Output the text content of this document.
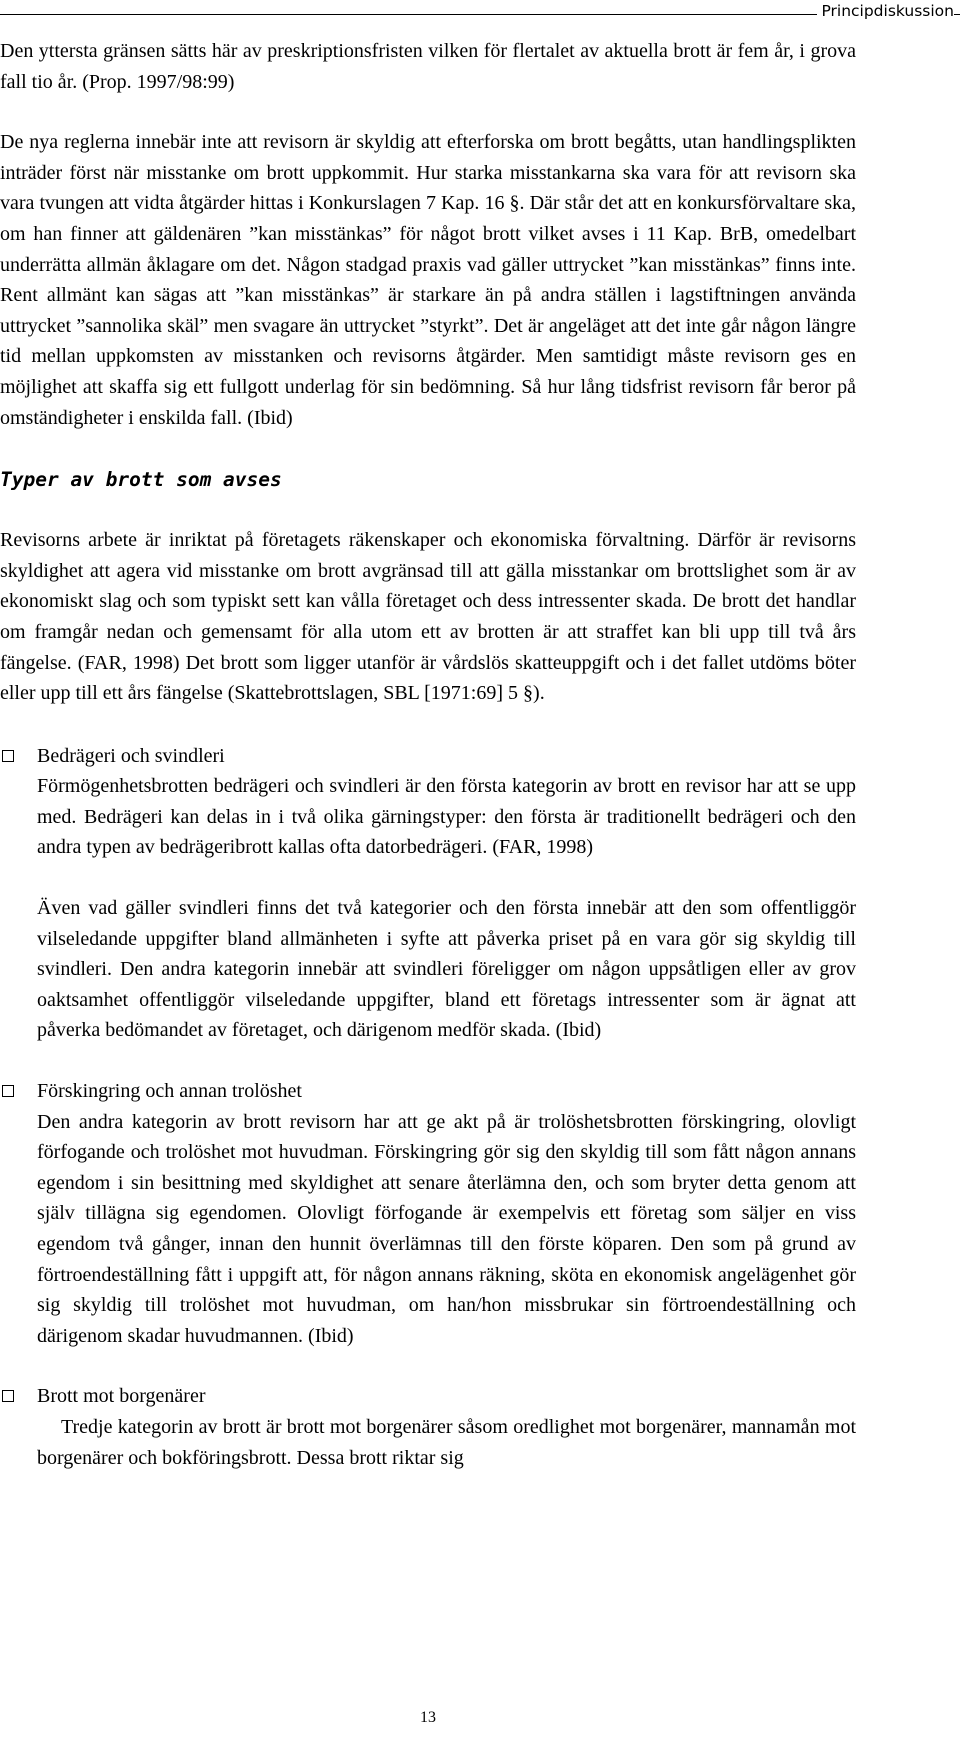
Principdiskussion

Den yttersta gränsen sätts här av preskriptionsfristen vilken för flertalet av aktuella brott är fem år, i grova fall tio år. (Prop. 1997/98:99)

De nya reglerna innebär inte att revisorn är skyldig att efterforska om brott begåtts, utan handlingsplikten inträder först när misstanke om brott uppkommit. Hur starka misstankarna ska vara för att revisorn ska vara tvungen att vidta åtgärder hittas i Konkurslagen 7 Kap. 16 §. Där står det att en konkursförvaltare ska, om han finner att gäldenären ”kan misstänkas” för något brott vilket avses i 11 Kap. BrB, omedelbart underrätta allmän åklagare om det. Någon stadgad praxis vad gäller uttrycket ”kan misstänkas” finns inte. Rent allmänt kan sägas att ”kan misstänkas” är starkare än på andra ställen i lagstiftningen använda uttrycket ”sannolika skäl” men svagare än uttrycket ”styrkt”. Det är angeläget att det inte går någon längre tid mellan uppkomsten av misstanken och revisorns åtgärder. Men samtidigt måste revisorn ges en möjlighet att skaffa sig ett fullgott underlag för sin bedömning. Så hur lång tidsfrist revisorn får beror på omständigheter i enskilda fall. (Ibid)

Typer av brott som avses

Revisorns arbete är inriktat på företagets räkenskaper och ekonomiska förvaltning. Därför är revisorns skyldighet att agera vid misstanke om brott avgränsad till att gälla misstankar om brottslighet som är av ekonomiskt slag och som typiskt sett kan vålla företaget och dess intressenter skada. De brott det handlar om framgår nedan och gemensamt för alla utom ett av brotten är att straffet kan bli upp till två års fängelse. (FAR, 1998) Det brott som ligger utanför är vårdslös skatteuppgift och i det fallet utdöms böter eller upp till ett års fängelse (Skattebrottslagen, SBL [1971:69] 5 §).

Bedrägeri och svindleri

Förmögenhetsbrotten bedrägeri och svindleri är den första kategorin av brott en revisor har att se upp med. Bedrägeri kan delas in i två olika gärningstyper: den första är traditionellt bedrägeri och den andra typen av bedrägeribrott kallas ofta datorbedrägeri. (FAR, 1998)

Även vad gäller svindleri finns det två kategorier och den första innebär att den som offentliggör vilseledande uppgifter bland allmänheten i syfte att påverka priset på en vara gör sig skyldig till svindleri. Den andra kategorin innebär att svindleri föreligger om någon uppsåtligen eller av grov oaktsamhet offentliggör vilseledande uppgifter, bland ett företags intressenter som är ägnat att påverka bedömandet av företaget, och därigenom medför skada. (Ibid)

Förskingring och annan trolöshet

Den andra kategorin av brott revisorn har att ge akt på är trolöshetsbrotten förskingring, olovligt förfogande och trolöshet mot huvudman. Förskingring gör sig den skyldig till som fått någon annans egendom i sin besittning med skyldighet att senare återlämna den, och som bryter detta genom att själv tillägna sig egendomen. Olovligt förfogande är exempelvis ett företag som säljer en viss egendom två gånger, innan den hunnit överlämnas till den förste köparen. Den som på grund av förtroendeställning fått i uppgift att, för någon annans räkning, sköta en ekonomisk angelägenhet gör sig skyldig till trolöshet mot huvudman, om han/hon missbrukar sin förtroendeställning och därigenom skadar huvudmannen. (Ibid)

Brott mot borgenärer

Tredje kategorin av brott är brott mot borgenärer såsom oredlighet mot borgenärer, mannamån mot borgenärer och bokföringsbrott. Dessa brott riktar sig

13
